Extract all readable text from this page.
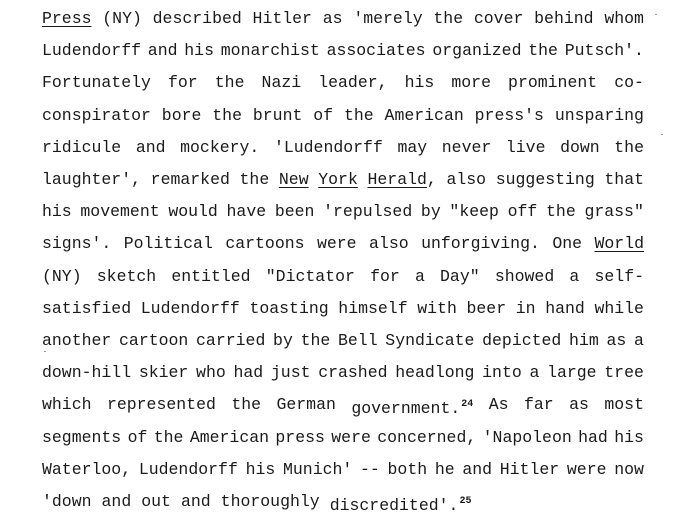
Press (NY) described Hitler as 'merely the cover behind whom
Ludendorff and his monarchist associates organized the Putsch'.
Fortunately for the Nazi leader, his more prominent co-
conspirator bore the brunt of the American press's unsparing
ridicule and mockery. 'Ludendorff may never live down the
laughter', remarked the New York Herald, also suggesting that
his movement would have been 'repulsed by "keep off the grass"
signs'. Political cartoons were also unforgiving. One World
(NY) sketch entitled "Dictator for a Day" showed a self-
satisfied Ludendorff toasting himself with beer in hand while
another cartoon carried by the Bell Syndicate depicted him as a
down-hill skier who had just crashed headlong into a large tree
which represented the German government.$^{24}$ As far as most
segments of the American press were concerned, 'Napoleon had his
Waterloo, Ludendorff his Munich' -- both he and Hitler were now
'down and out and thoroughly discredited'.$^{25}$
